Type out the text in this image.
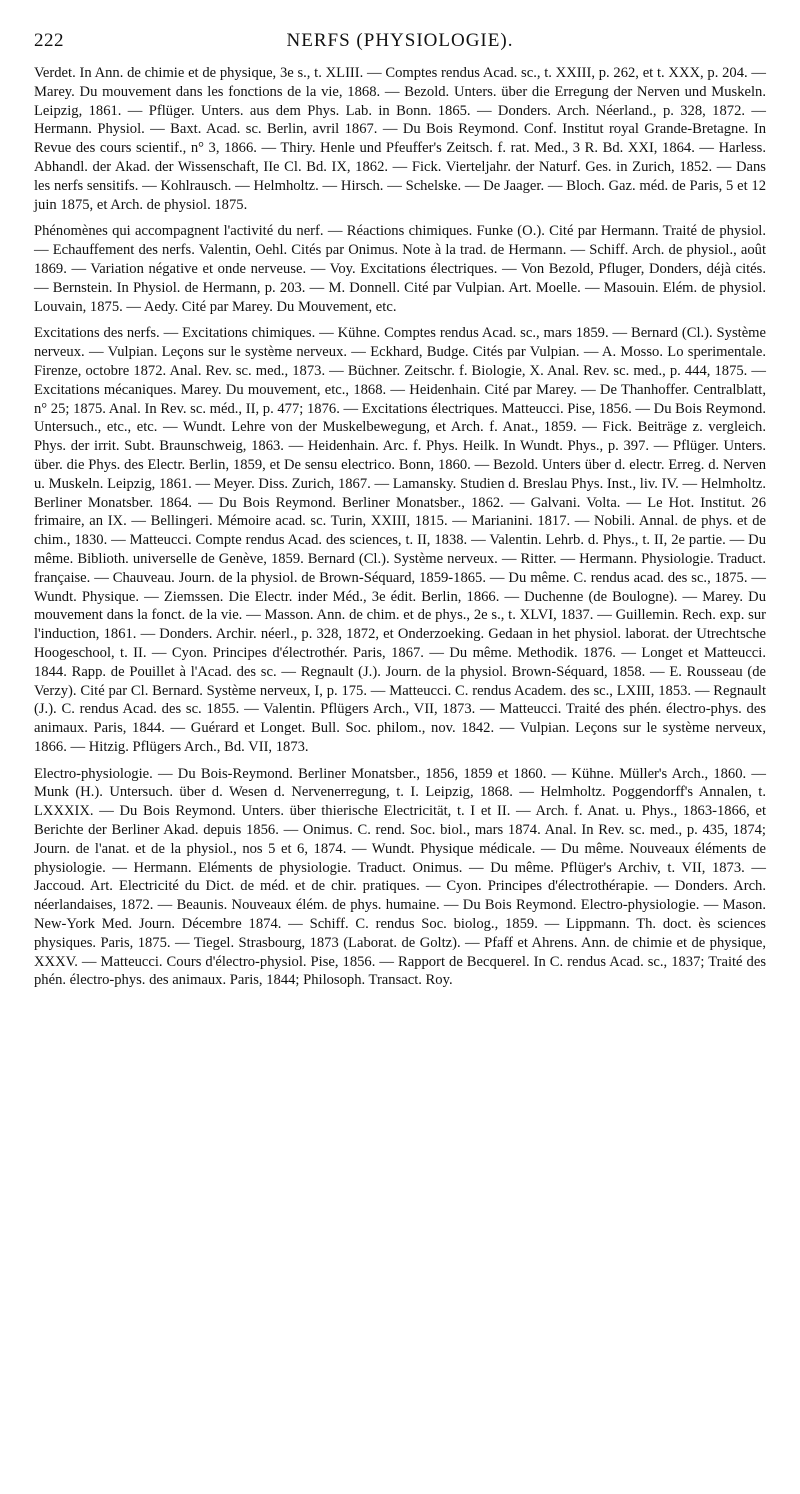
222	NERFS (PHYSIOLOGIE).

Verdet. In Ann. de chimie et de physique, 3e s., t. XLIII. — Comptes rendus Acad. sc., t. XXIII, p. 262, et t. XXX, p. 204. — Marey. Du mouvement dans les fonctions de la vie, 1868. — Bezold. Unters. über die Erregung der Nerven und Muskeln. Leipzig, 1861. — Pflüger. Unters. aus dem Phys. Lab. in Bonn. 1865. — Donders. Arch. Néerland., p. 328, 1872. — Hermann. Physiol. — Baxt. Acad. sc. Berlin, avril 1867. — Du Bois Reymond. Conf. Institut royal Grande-Bretagne. In Revue des cours scientif., n° 3, 1866. — Thiry. Henle und Pfeuffer's Zeitsch. f. rat. Med., 3 R. Bd. XXI, 1864. — Harless. Abhandl. der Akad. der Wissenschaft, IIe Cl. Bd. IX, 1862. — Fick. Vierteljahr. der Naturf. Ges. in Zurich, 1852. — Dans les nerfs sensitifs. — Kohlrausch. — Helmholtz. — Hirsch. — Schelske. — De Jaager. — Bloch. Gaz. méd. de Paris, 5 et 12 juin 1875, et Arch. de physiol. 1875.

Phénomènes qui accompagnent l'activité du nerf. — Réactions chimiques. Funke (O.). Cité par Hermann. Traité de physiol. — Echauffement des nerfs. Valentin, Oehl. Cités par Onimus. Note à la trad. de Hermann. — Schiff. Arch. de physiol., août 1869. — Variation négative et onde nerveuse. — Voy. Excitations électriques. — Von Bezold, Pfluger, Donders, déjà cités. — Bernstein. In Physiol. de Hermann, p. 203. — M. Donnell. Cité par Vulpian. Art. Moelle. — Masouin. Elém. de physiol. Louvain, 1875. — Aedy. Cité par Marey. Du Mouvement, etc.

Excitations des nerfs. — Excitations chimiques. — Kühne. Comptes rendus Acad. sc., mars 1859. — Bernard (Cl.). Système nerveux. — Vulpian. Leçons sur le système nerveux. — Eckhard, Budge. Cités par Vulpian. — A. Mosso. Lo sperimentale. Firenze, octobre 1872. Anal. Rev. sc. med., 1873. — Büchner. Zeitschr. f. Biologie, X. Anal. Rev. sc. med., p. 444, 1875. — Excitations mécaniques. Marey. Du mouvement, etc., 1868. — Heidenhain. Cité par Marey. — De Thanhoffer. Centralblatt, n° 25; 1875. Anal. In Rev. sc. méd., II, p. 477; 1876. — Excitations électriques. Matteucci. Pise, 1856. — Du Bois Reymond. Untersuch., etc., etc. — Wundt. Lehre von der Muskelbewegung, et Arch. f. Anat., 1859. — Fick. Beiträge z. vergleich. Phys. der irrit. Subt. Braunschweig, 1863. — Heidenhain. Arc. f. Phys. Heilk. In Wundt. Phys., p. 397. — Pflüger. Unters. über. die Phys. des Electr. Berlin, 1859, et De sensu electrico. Bonn, 1860. — Bezold. Unters über d. electr. Erreg. d. Nerven u. Muskeln. Leipzig, 1861. — Meyer. Diss. Zurich, 1867. — Lamansky. Studien d. Breslau Phys. Inst., liv. IV. — Helmholtz. Berliner Monatsber. 1864. — Du Bois Reymond. Berliner Monatsber., 1862. — Galvani. Volta. — Le Hot. Institut. 26 frimaire, an IX. — Bellingeri. Mémoire acad. sc. Turin, XXIII, 1815. — Marianini. 1817. — Nobili. Annal. de phys. et de chim., 1830. — Matteucci. Compte rendus Acad. des sciences, t. II, 1838. — Valentin. Lehrb. d. Phys., t. II, 2e partie. — Du même. Biblioth. universelle de Genève, 1859. Bernard (Cl.). Système nerveux. — Ritter. — Hermann. Physiologie. Traduct. française. — Chauveau. Journ. de la physiol. de Brown-Séquard, 1859-1865. — Du même. C. rendus acad. des sc., 1875. — Wundt. Physique. — Ziemssen. Die Electr. inder Méd., 3e édit. Berlin, 1866. — Duchenne (de Boulogne). — Marey. Du mouvement dans la fonct. de la vie. — Masson. Ann. de chim. et de phys., 2e s., t. XLVI, 1837. — Guillemin. Rech. exp. sur l'induction, 1861. — Donders. Archir. néerl., p. 328, 1872, et Onderzoeking. Gedaan in het physiol. laborat. der Utrechtsche Hoogeschool, t. II. — Cyon. Principes d'électrothér. Paris, 1867. — Du même. Methodik. 1876. — Longet et Matteucci. 1844. Rapp. de Pouillet à l'Acad. des sc. — Regnault (J.). Journ. de la physiol. Brown-Séquard, 1858. — E. Rousseau (de Verzy). Cité par Cl. Bernard. Système nerveux, I, p. 175. — Matteucci. C. rendus Academ. des sc., LXIII, 1853. — Regnault (J.). C. rendus Acad. des sc. 1855. — Valentin. Pflügers Arch., VII, 1873. — Matteucci. Traité des phén. électro-phys. des animaux. Paris, 1844. — Guérard et Longet. Bull. Soc. philom., nov. 1842. — Vulpian. Leçons sur le système nerveux, 1866. — Hitzig. Pflügers Arch., Bd. VII, 1873.

Electro-physiologie. — Du Bois-Reymond. Berliner Monatsber., 1856, 1859 et 1860. — Kühne. Müller's Arch., 1860. — Munk (H.). Untersuch. über d. Wesen d. Nervenerregung, t. I. Leipzig, 1868. — Helmholtz. Poggendorff's Annalen, t. LXXXIX. — Du Bois Reymond. Unters. über thierische Electricität, t. I et II. — Arch. f. Anat. u. Phys., 1863-1866, et Berichte der Berliner Akad. depuis 1856. — Onimus. C. rend. Soc. biol., mars 1874. Anal. In Rev. sc. med., p. 435, 1874; Journ. de l'anat. et de la physiol., nos 5 et 6, 1874. — Wundt. Physique médicale. — Du même. Nouveaux éléments de physiologie. — Hermann. Eléments de physiologie. Traduct. Onimus. — Du même. Pflüger's Archiv, t. VII, 1873. — Jaccoud. Art. Electricité du Dict. de méd. et de chir. pratiques. — Cyon. Principes d'électrothérapie. — Donders. Arch. néerlandaises, 1872. — Beaunis. Nouveaux élém. de phys. humaine. — Du Bois Reymond. Electro-physiologie. — Mason. New-York Med. Journ. Décembre 1874. — Schiff. C. rendus Soc. biolog., 1859. — Lippmann. Th. doct. ès sciences physiques. Paris, 1875. — Tiegel. Strasbourg, 1873 (Laborat. de Goltz). — Pfaff et Ahrens. Ann. de chimie et de physique, XXXV. — Matteucci. Cours d'électro-physiol. Pise, 1856. — Rapport de Becquerel. In C. rendus Acad. sc., 1837; Traité des phén. électro-phys. des animaux. Paris, 1844; Philosoph. Transact. Roy.
